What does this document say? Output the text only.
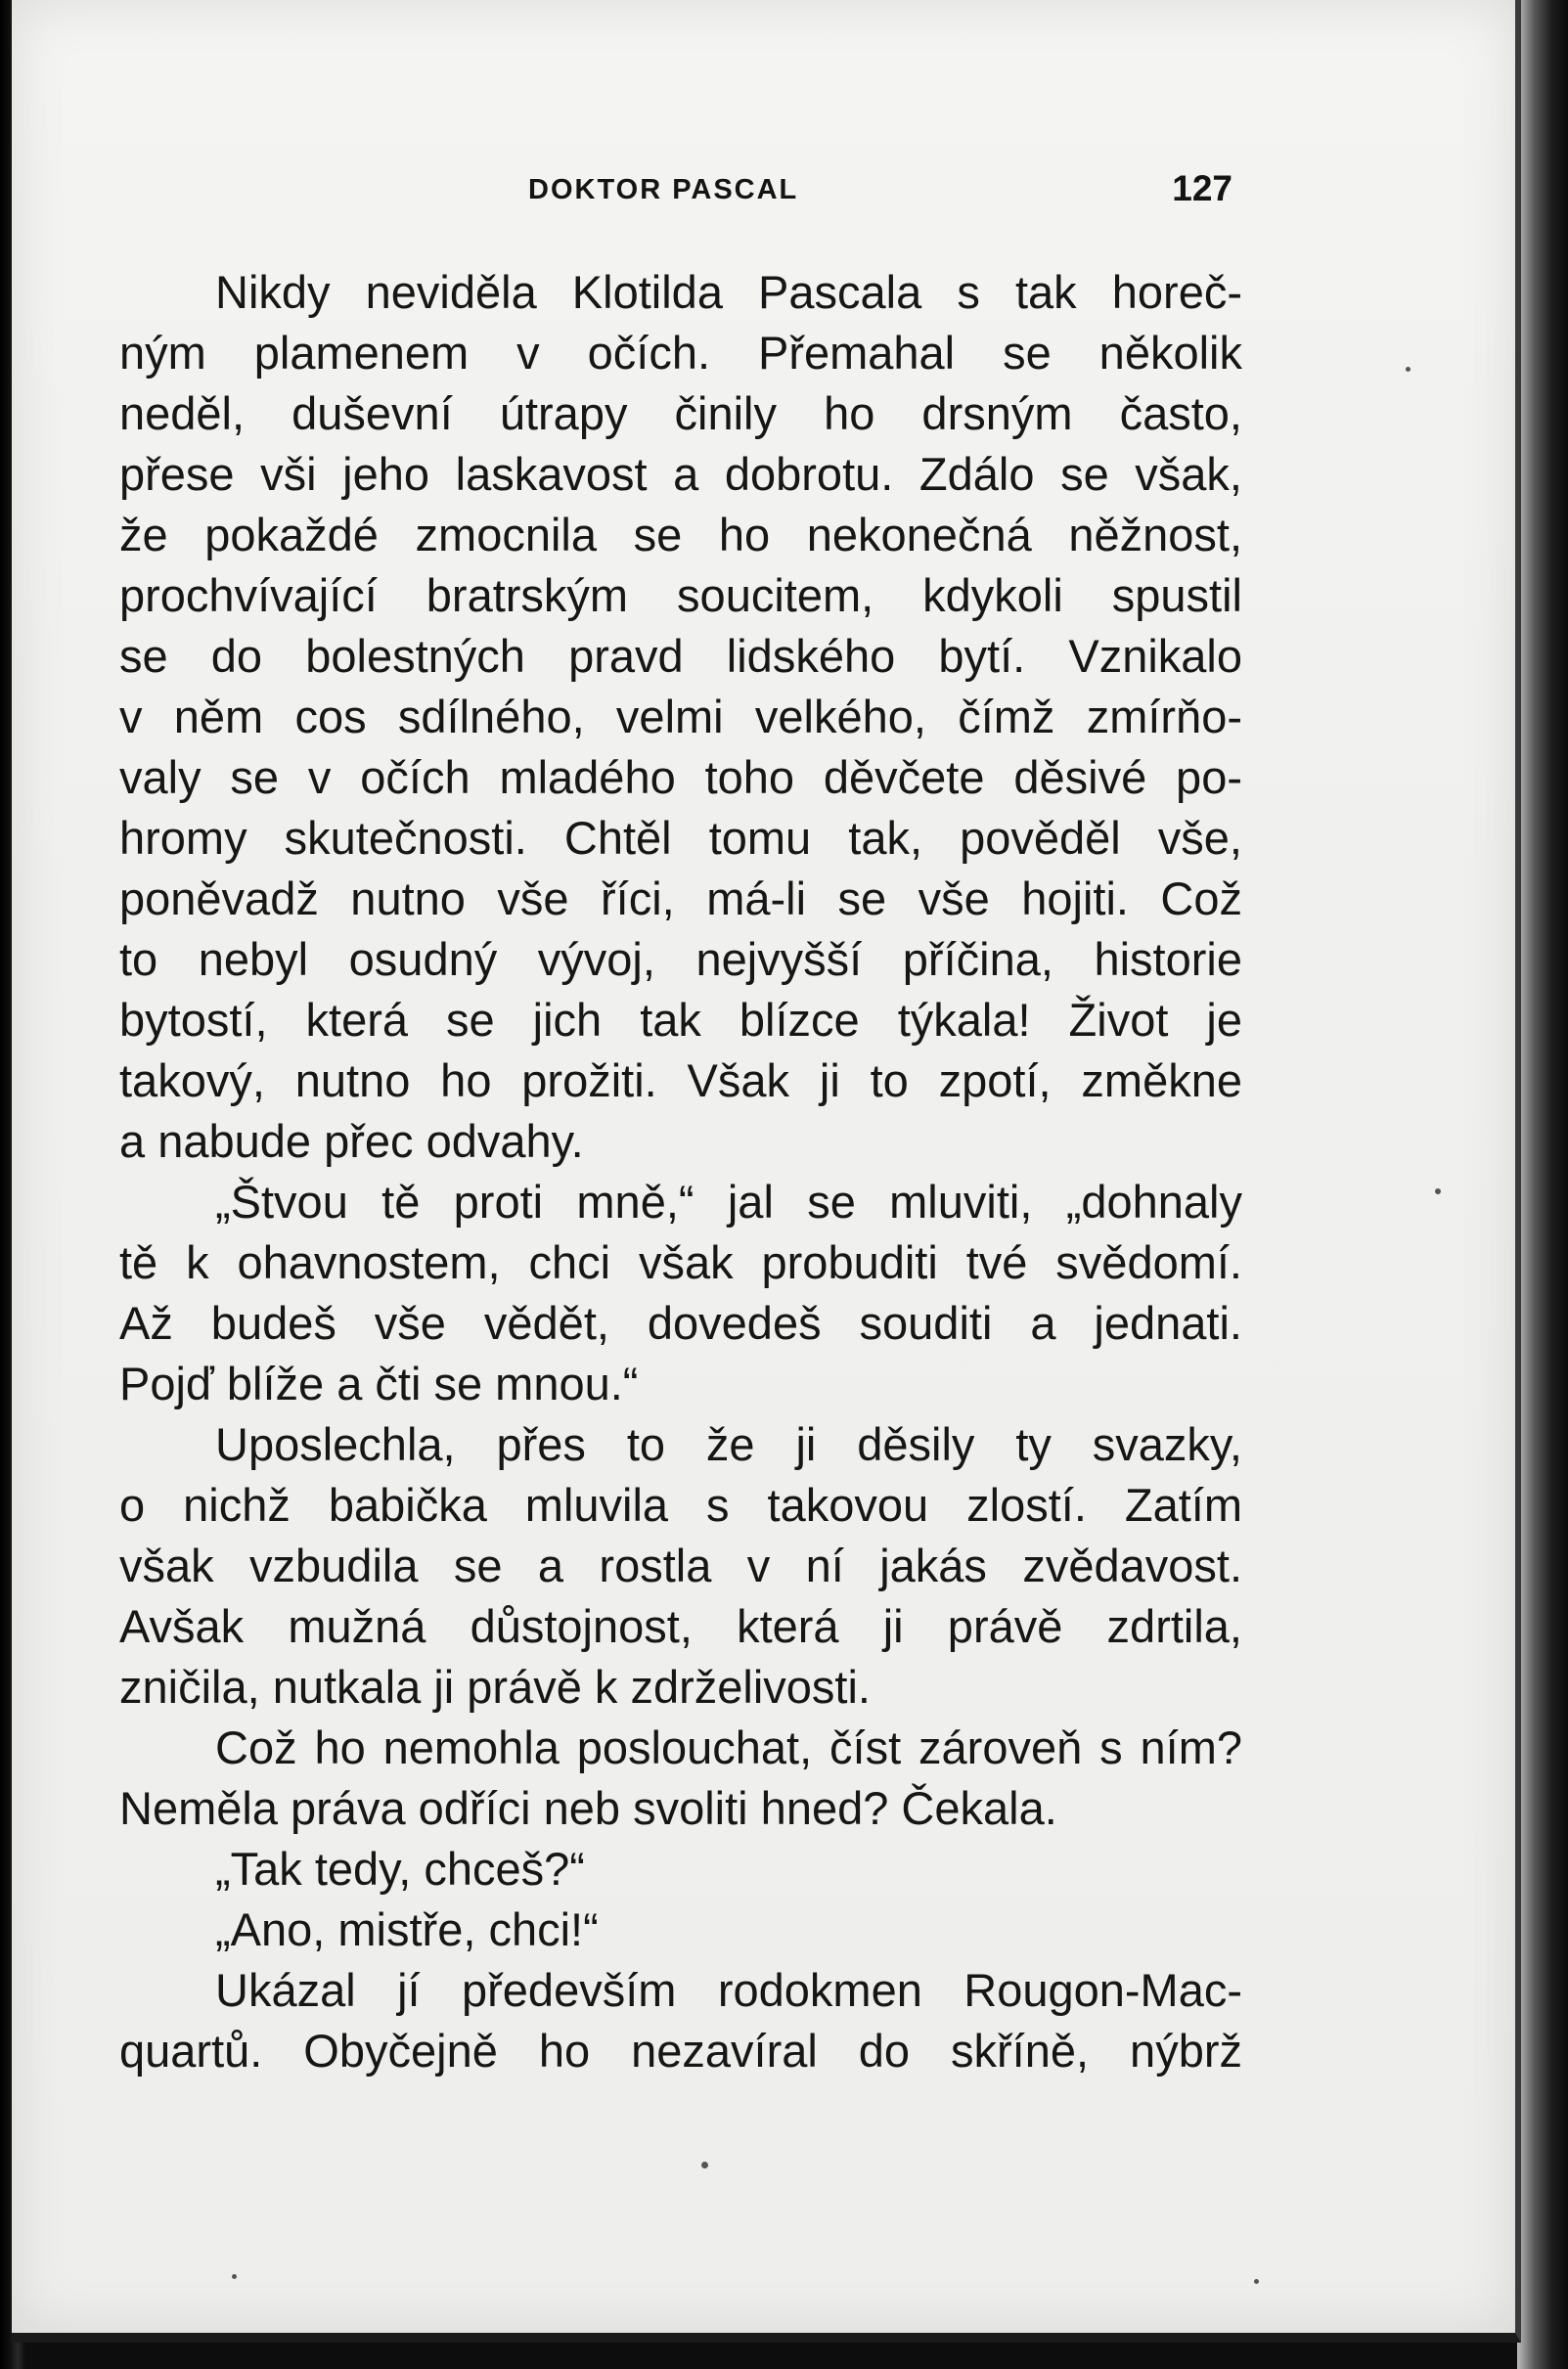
DOKTOR PASCAL	127
Nikdy neviděla Klotilda Pascala s tak horeč-
ným plamenem v očích. Přemahal se několik
neděl, duševní útrapy činily ho drsným často,
přese vši jeho laskavost a dobrotu. Zdálo se však,
že pokaždé zmocnila se ho nekonečná něžnost,
prochvívající bratrským soucitem, kdykoli spustil
se do bolestných pravd lidského bytí. Vznikalo
v něm cos sdílného, velmi velkého, čímž zmírňo-
valy se v očích mladého toho děvčete děsivé po-
hromy skutečnosti. Chtěl tomu tak, pověděl vše,
poněvadž nutno vše říci, má-li se vše hojiti. Což
to nebyl osudný vývoj, nejvyšší příčina, historie
bytostí, která se jich tak blízce týkala! Život je
takový, nutno ho prožiti. Však ji to zpotí, změkne
a nabude přec odvahy.
„Štvou tě proti mně,“ jal se mluviti, „dohnaly
tě k ohavnostem, chci však probuditi tvé svědomí.
Až budeš vše vědět, dovedeš souditi a jednati.
Pojď blíže a čti se mnou.“
Uposlechla, přes to že ji děsily ty svazky,
o nichž babička mluvila s takovou zlostí. Zatím
však vzbudila se a rostla v ní jakás zvědavost.
Avšak mužná důstojnost, která ji právě zdrtila,
zničila, nutkala ji právě k zdrželivosti.
Což ho nemohla poslouchat, číst zároveň s ním?
Neměla práva odříci neb svoliti hned? Čekala.
„Tak tedy, chceš?“
„Ano, mistře, chci!“
Ukázal jí především rodokmen Rougon-Mac-
quartů. Obyčejně ho nezavíral do skříně, nýbrž
